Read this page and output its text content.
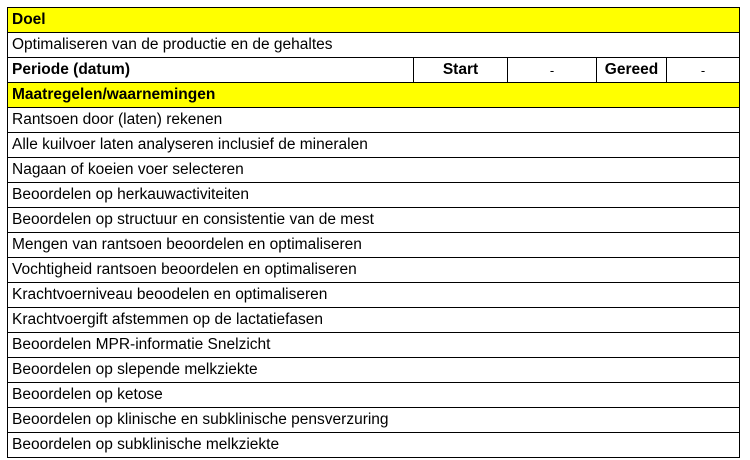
Doel
Optimaliseren van de productie en de gehaltes
Periode (datum)	Start	-	Gereed	-
Maatregelen/waarnemingen
Rantsoen door (laten) rekenen
Alle kuilvoer laten analyseren inclusief de mineralen
Nagaan of koeien voer selecteren
Beoordelen op herkauwactiviteiten
Beoordelen op structuur en consistentie van de mest
Mengen van rantsoen beoordelen en optimaliseren
Vochtigheid rantsoen beoordelen en optimaliseren
Krachtvoerniveau beoodelen en optimaliseren
Krachtvoergift afstemmen op de lactatiefasen
Beoordelen MPR-informatie Snelzicht
Beoordelen op slepende melkziekte
Beoordelen op ketose
Beoordelen op klinische en subklinische pensverzuring
Beoordelen op subklinische melkziekte
